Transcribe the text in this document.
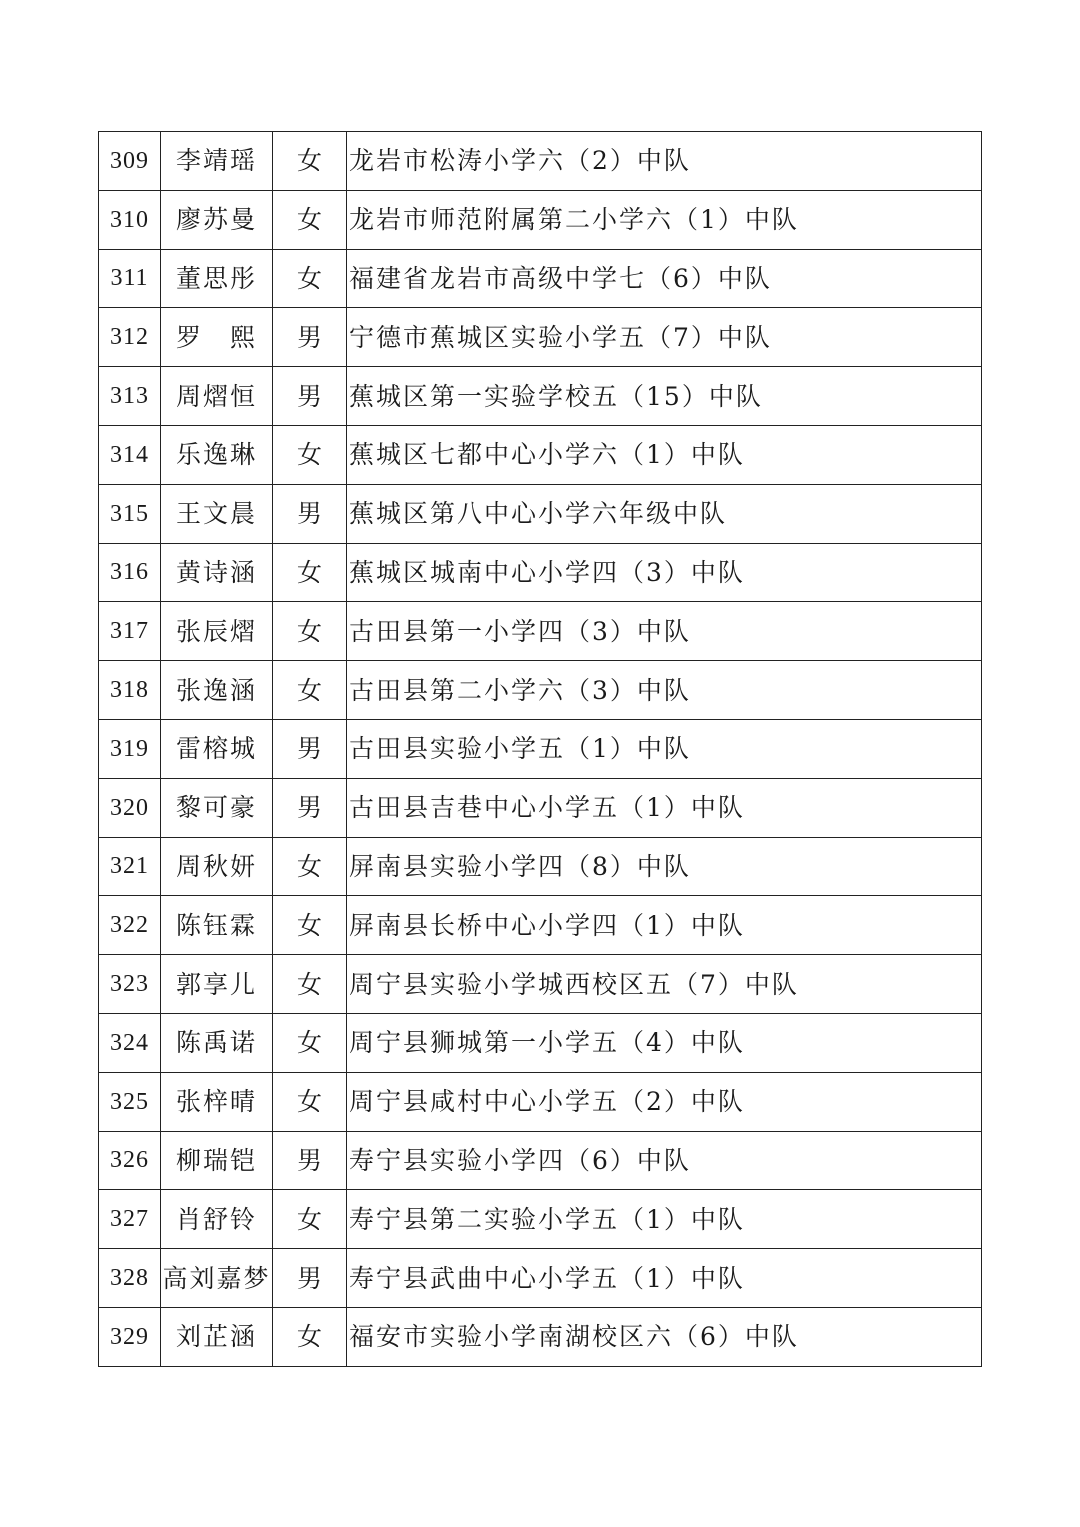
309	李靖瑶	女	龙岩市松涛小学六（2）中队
310	廖苏曼	女	龙岩市师范附属第二小学六（1）中队
311	董思彤	女	福建省龙岩市高级中学七（6）中队
312	罗　熙	男	宁德市蕉城区实验小学五（7）中队
313	周熠恒	男	蕉城区第一实验学校五（15）中队
314	乐逸琳	女	蕉城区七都中心小学六（1）中队
315	王文晨	男	蕉城区第八中心小学六年级中队
316	黄诗涵	女	蕉城区城南中心小学四（3）中队
317	张辰熠	女	古田县第一小学四（3）中队
318	张逸涵	女	古田县第二小学六（3）中队
319	雷榕城	男	古田县实验小学五（1）中队
320	黎可豪	男	古田县吉巷中心小学五（1）中队
321	周秋妍	女	屏南县实验小学四（8）中队
322	陈钰霖	女	屏南县长桥中心小学四（1）中队
323	郭享儿	女	周宁县实验小学城西校区五（7）中队
324	陈禹诺	女	周宁县狮城第一小学五（4）中队
325	张梓晴	女	周宁县咸村中心小学五（2）中队
326	柳瑞铠	男	寿宁县实验小学四（6）中队
327	肖舒铃	女	寿宁县第二实验小学五（1）中队
328	高刘嘉梦	男	寿宁县武曲中心小学五（1）中队
329	刘芷涵	女	福安市实验小学南湖校区六（6）中队
